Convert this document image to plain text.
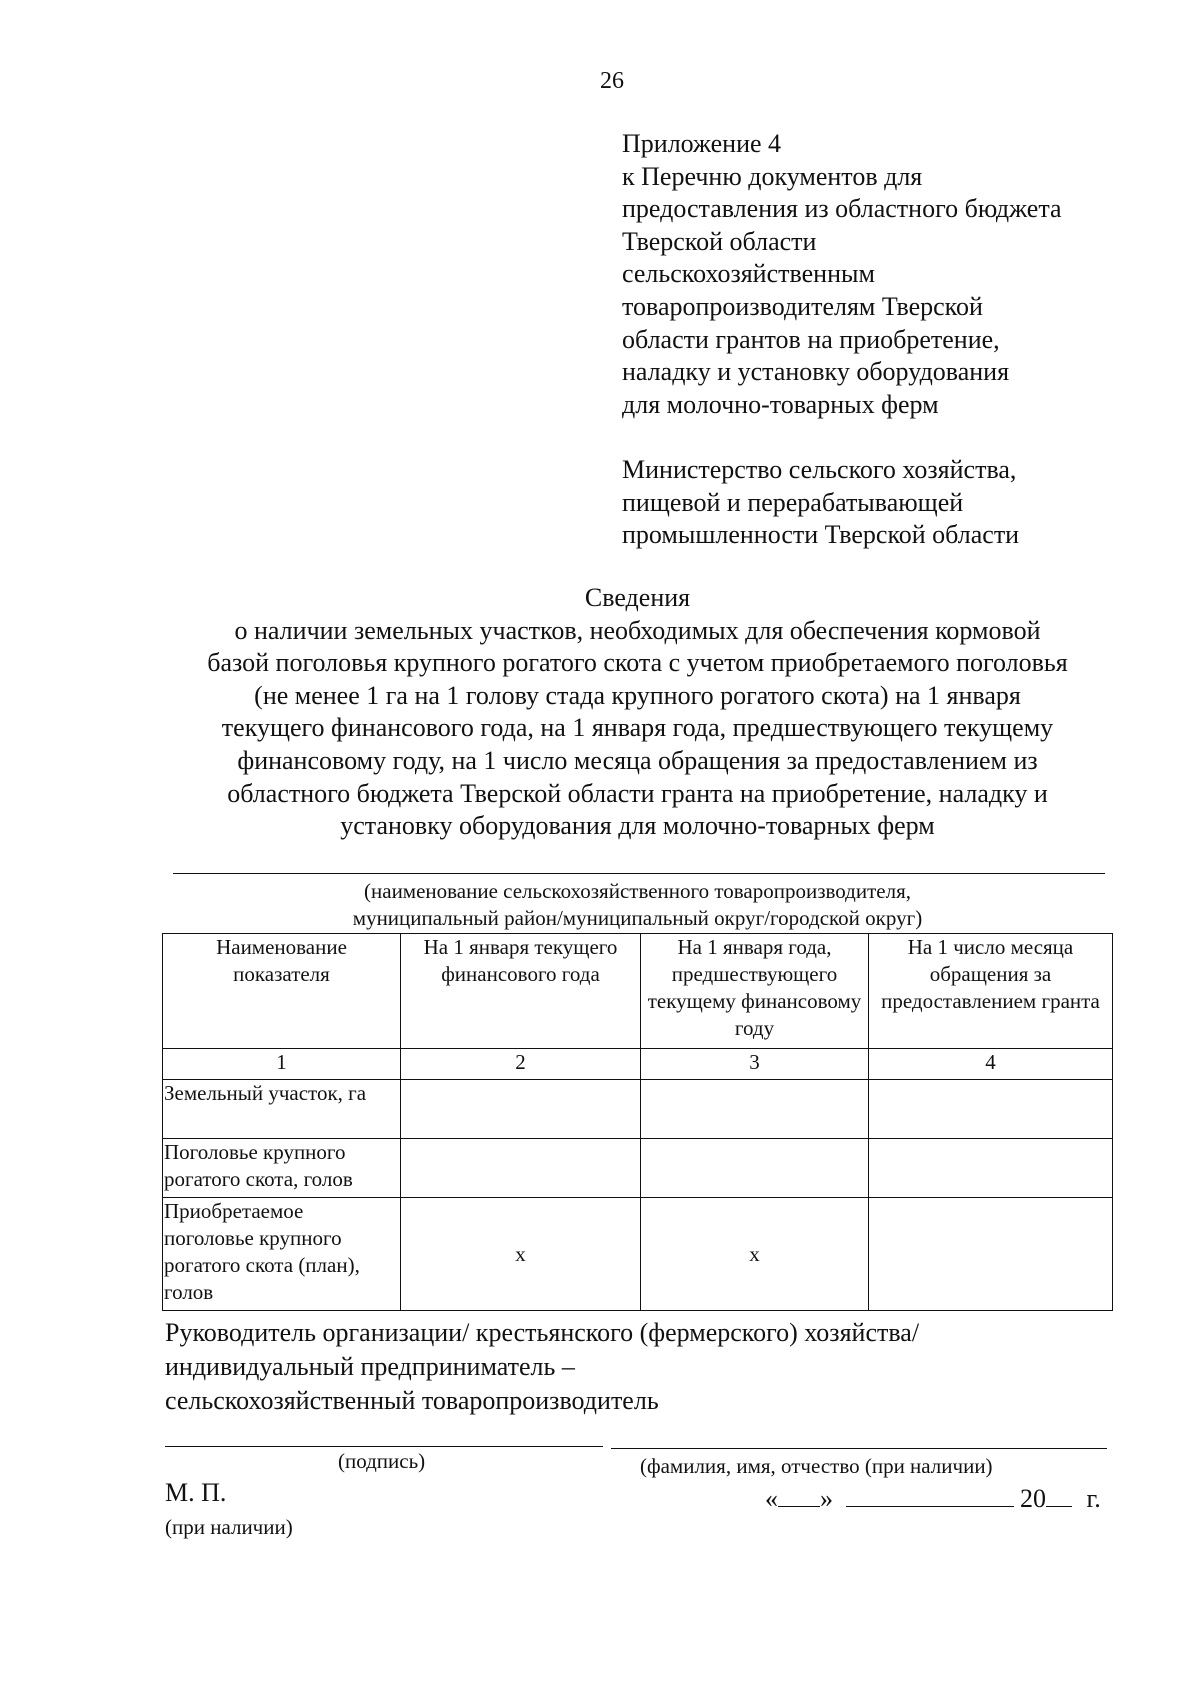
26
Приложение 4
к Перечню документов для
предоставления из областного бюджета
Тверской области
сельскохозяйственным
товаропроизводителям Тверской
области грантов на приобретение,
наладку и установку оборудования
для молочно-товарных ферм
Министерство сельского хозяйства,
пищевой и перерабатывающей
промышленности Тверской области
Сведения
о наличии земельных участков, необходимых для обеспечения кормовой
базой поголовья крупного рогатого скота с учетом приобретаемого поголовья
(не менее 1 га на 1 голову стада крупного рогатого скота) на 1 января
текущего финансового года, на 1 января года, предшествующего текущему
финансовому году, на 1 число месяца обращения за предоставлением из
областного бюджета Тверской области гранта на приобретение, наладку и
установку оборудования для молочно-товарных ферм
(наименование сельскохозяйственного товаропроизводителя,
муниципальный район/муниципальный округ/городской округ)
Наименование показателя	На 1 января текущего финансового года	На 1 января года, предшествующего текущему финансовому году	На 1 число месяца обращения за предоставлением гранта
1	2	3	4
Земельный участок, га			
Поголовье крупного рогатого скота, голов			
Приобретаемое поголовье крупного рогатого скота (план), голов	x	x	
Руководитель организации/ крестьянского (фермерского) хозяйства/
индивидуальный предприниматель –
сельскохозяйственный товаропроизводитель
(подпись)	(фамилия, имя, отчество (при наличии)
М. П.
(при наличии)
« »	20 г.
